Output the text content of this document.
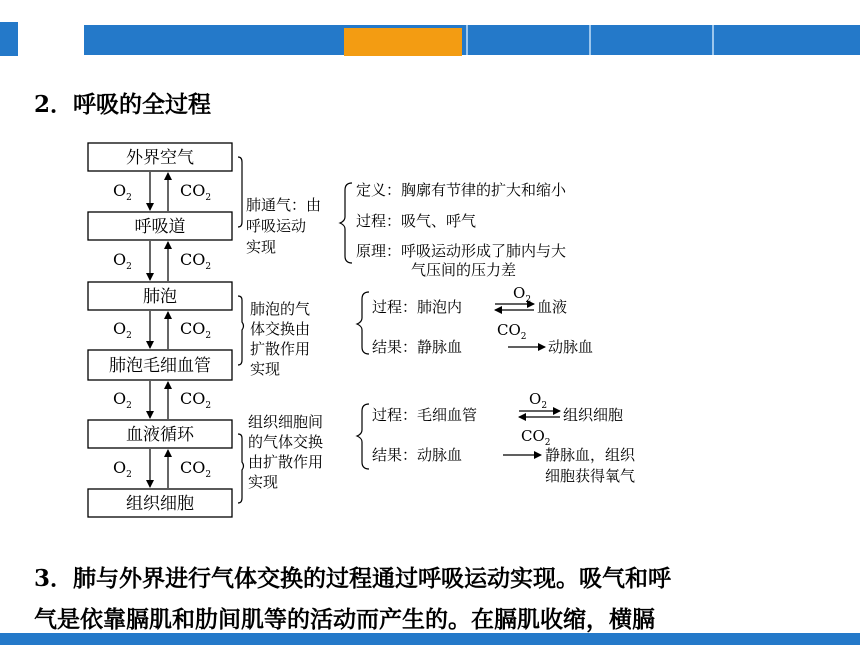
2．呼吸的全过程
外界空气
呼吸道
肺泡
肺泡毛细血管
血液循环
组织细胞
$O_2$	$CO_2$
$O_2$	$CO_2$
$O_2$	$CO_2$
$O_2$	$CO_2$
$O_2$	$CO_2$
肺通气：由
呼吸运动
实现
定义：胸廓有节律的扩大和缩小
过程：吸气、呼气
原理：呼吸运动形成了肺内与大
气压间的压力差
肺泡的气
体交换由
扩散作用
实现
过程：肺泡内
$O_2$
$CO_2$
血液
结果：静脉血	动脉血
组织细胞间
的气体交换
由扩散作用
实现
过程：毛细血管
$O_2$
$CO_2$
组织细胞
结果：动脉血	静脉血，组织
细胞获得氧气
3．肺与外界进行气体交换的过程通过呼吸运动实现。吸气和呼
气是依靠膈肌和肋间肌等的活动而产生的。在膈肌收缩，横膈
